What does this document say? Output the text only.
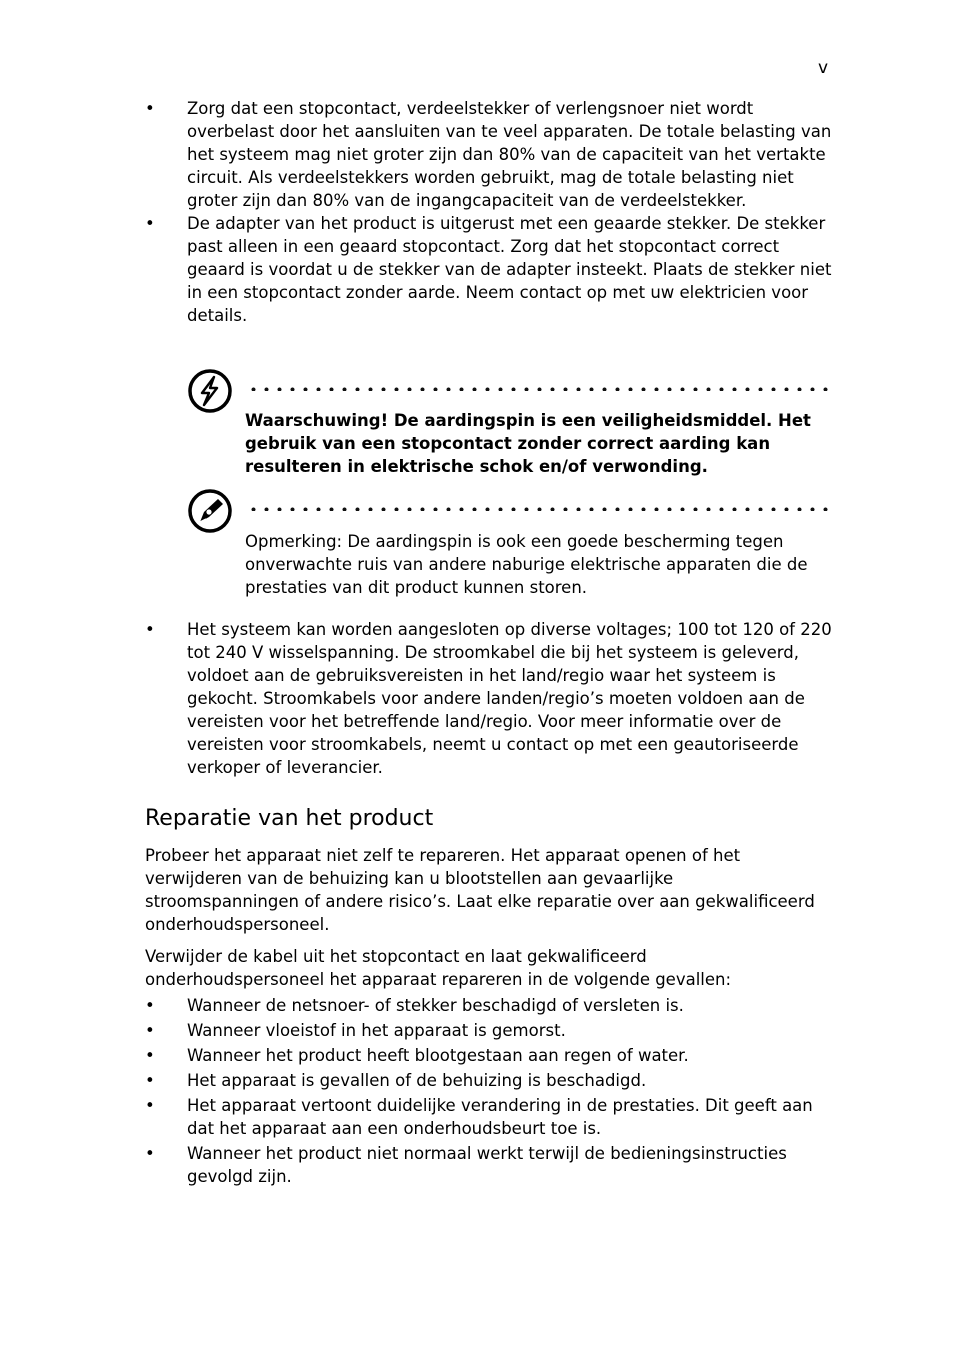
v
• Zorg dat een stopcontact, verdeelstekker of verlengsnoer niet wordt overbelast door het aansluiten van te veel apparaten. De totale belasting van het systeem mag niet groter zijn dan 80% van de capaciteit van het vertakte circuit. Als verdeelstekkers worden gebruikt, mag de totale belasting niet groter zijn dan 80% van de ingangcapaciteit van de verdeelstekker.
• De adapter van het product is uitgerust met een geaarde stekker. De stekker past alleen in een geaard stopcontact. Zorg dat het stopcontact correct geaard is voordat u de stekker van de adapter insteekt. Plaats de stekker niet in een stopcontact zonder aarde. Neem contact op met uw elektricien voor details.
Waarschuwing! De aardingspin is een veiligheidsmiddel. Het gebruik van een stopcontact zonder correct aarding kan resulteren in elektrische schok en/of verwonding.
Opmerking: De aardingspin is ook een goede bescherming tegen onverwachte ruis van andere naburige elektrische apparaten die de prestaties van dit product kunnen storen.
• Het systeem kan worden aangesloten op diverse voltages; 100 tot 120 of 220 tot 240 V wisselspanning. De stroomkabel die bij het systeem is geleverd, voldoet aan de gebruiksvereisten in het land/regio waar het systeem is gekocht. Stroomkabels voor andere landen/regio’s moeten voldoen aan de vereisten voor het betreffende land/regio. Voor meer informatie over de vereisten voor stroomkabels, neemt u contact op met een geautoriseerde verkoper of leverancier.
Reparatie van het product
Probeer het apparaat niet zelf te repareren. Het apparaat openen of het verwijderen van de behuizing kan u blootstellen aan gevaarlijke stroomspanningen of andere risico’s. Laat elke reparatie over aan gekwalificeerd onderhoudspersoneel.
Verwijder de kabel uit het stopcontact en laat gekwalificeerd onderhoudspersoneel het apparaat repareren in de volgende gevallen:
• Wanneer de netsnoer- of stekker beschadigd of versleten is.
• Wanneer vloeistof in het apparaat is gemorst.
• Wanneer het product heeft blootgestaan aan regen of water.
• Het apparaat is gevallen of de behuizing is beschadigd.
• Het apparaat vertoont duidelijke verandering in de prestaties. Dit geeft aan dat het apparaat aan een onderhoudsbeurt toe is.
• Wanneer het product niet normaal werkt terwijl de bedieningsinstructies gevolgd zijn.
